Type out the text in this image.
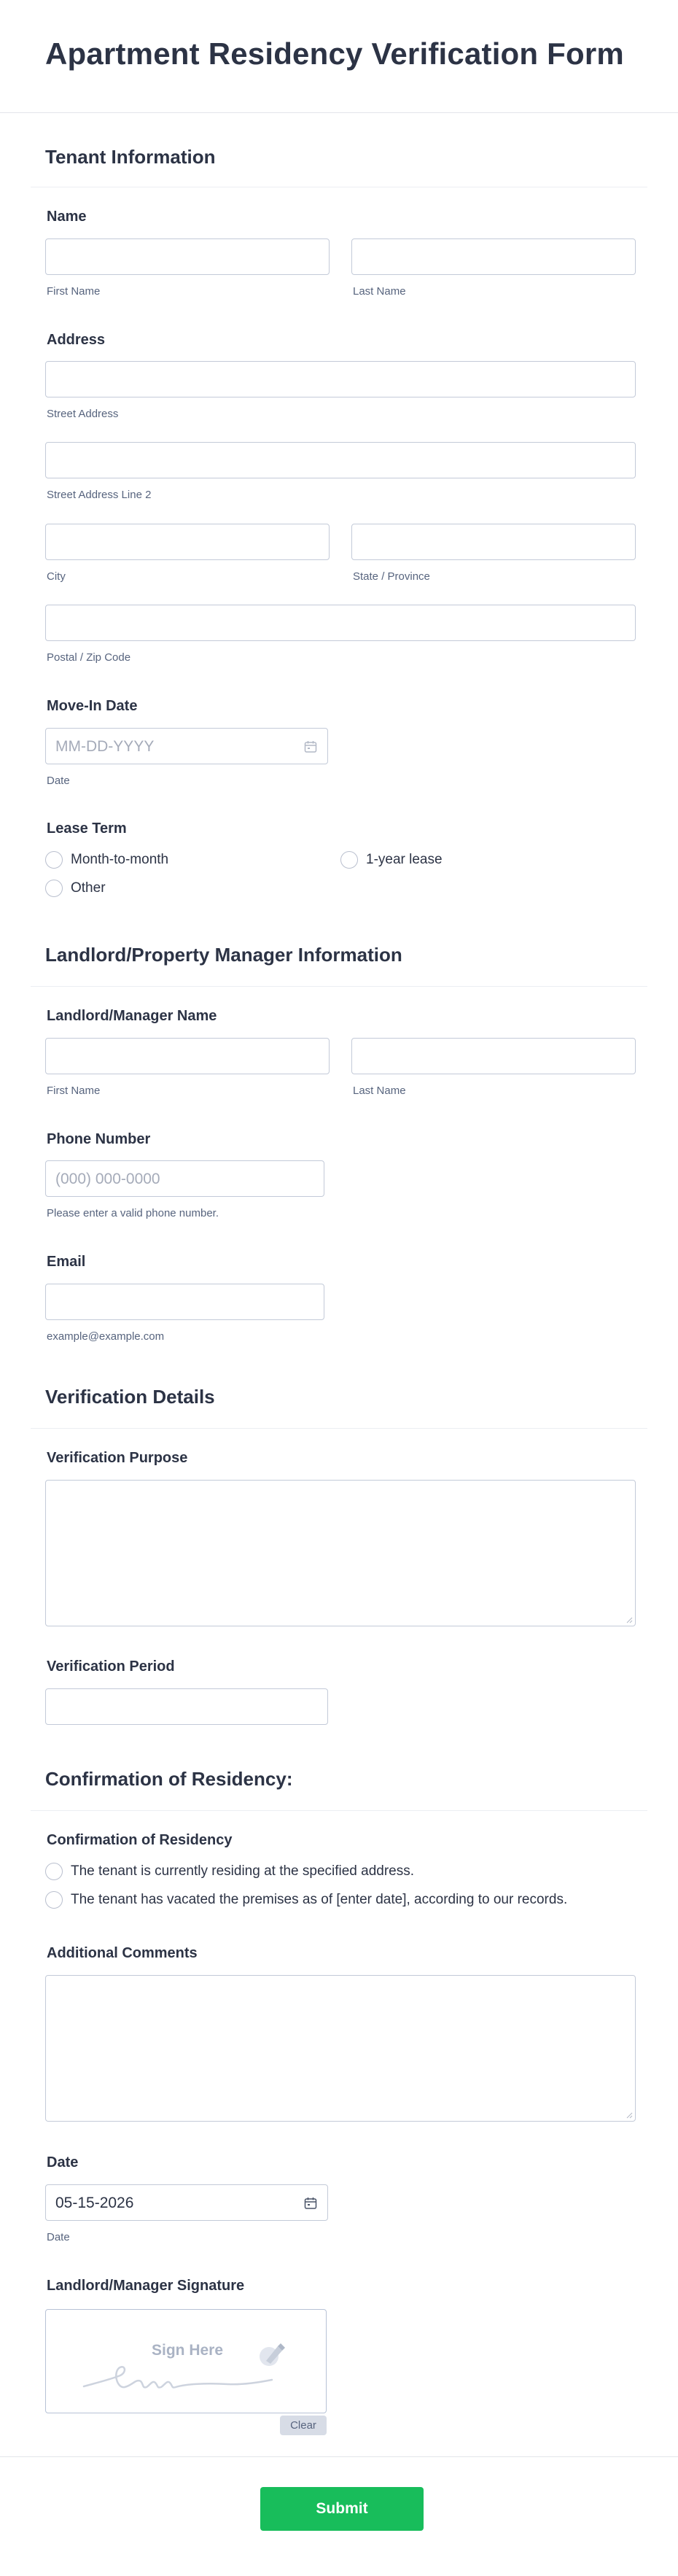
Apartment Residency Verification Form
Tenant Information
Name
First Name	Last Name
Address
Street Address
Street Address Line 2
City	State / Province
Postal / Zip Code
Move-In Date
MM-DD-YYYY
Date
Lease Term
Month-to-month	1-year lease
Other
Landlord/Property Manager Information
Landlord/Manager Name
First Name	Last Name
Phone Number
(000) 000-0000
Please enter a valid phone number.
Email
example@example.com
Verification Details
Verification Purpose
Verification Period
Confirmation of Residency:
Confirmation of Residency
The tenant is currently residing at the specified address.
The tenant has vacated the premises as of [enter date], according to our records.
Additional Comments
Date
05-15-2026
Date
Landlord/Manager Signature
Sign Here
Clear
Submit
